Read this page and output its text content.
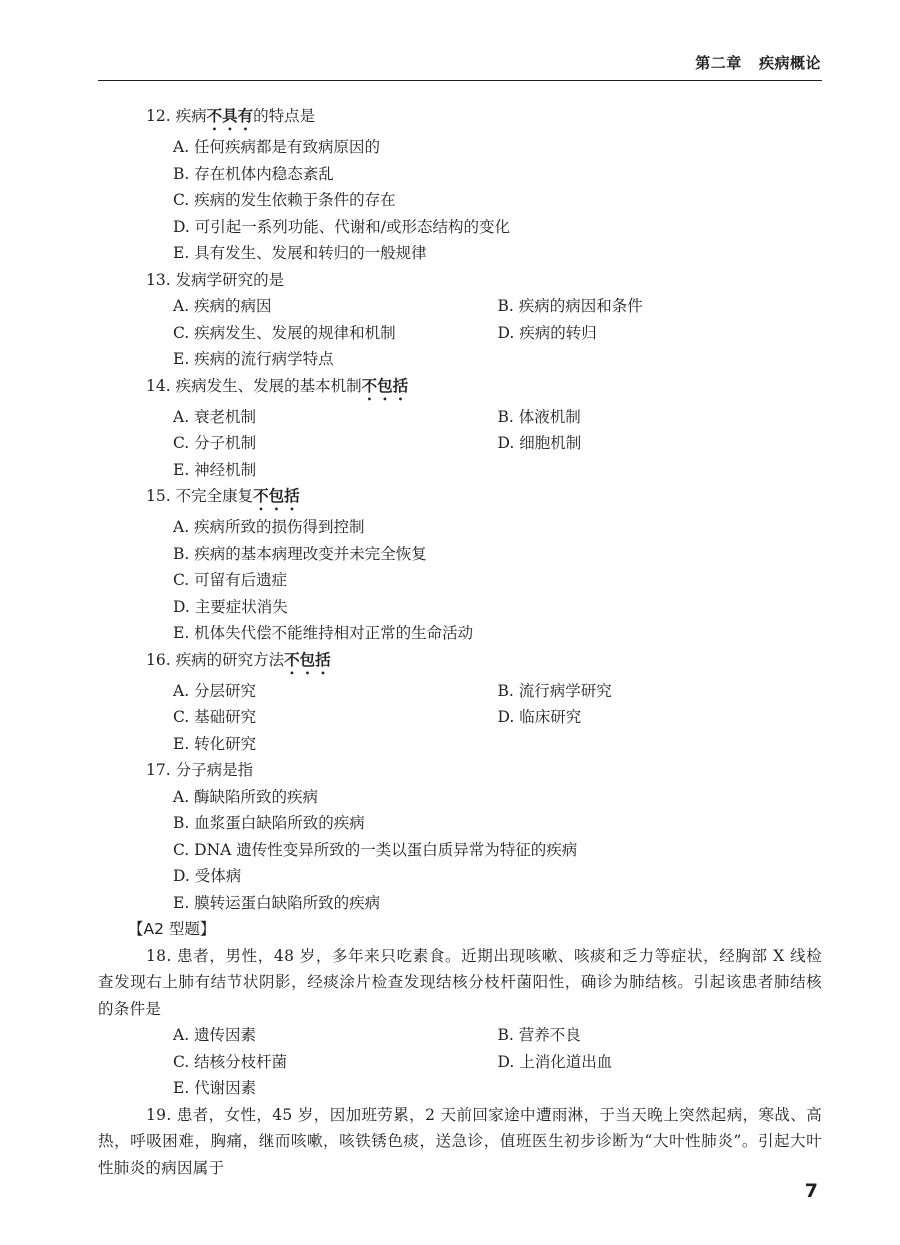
第二章 疾病概论
12. 疾病不具有的特点是
A. 任何疾病都是有致病原因的
B. 存在机体内稳态紊乱
C. 疾病的发生依赖于条件的存在
D. 可引起一系列功能、代谢和/或形态结构的变化
E. 具有发生、发展和转归的一般规律
13. 发病学研究的是
A. 疾病的病因	B. 疾病的病因和条件
C. 疾病发生、发展的规律和机制	D. 疾病的转归
E. 疾病的流行病学特点
14. 疾病发生、发展的基本机制不包括
A. 衰老机制	B. 体液机制
C. 分子机制	D. 细胞机制
E. 神经机制
15. 不完全康复不包括
A. 疾病所致的损伤得到控制
B. 疾病的基本病理改变并未完全恢复
C. 可留有后遗症
D. 主要症状消失
E. 机体失代偿不能维持相对正常的生命活动
16. 疾病的研究方法不包括
A. 分层研究	B. 流行病学研究
C. 基础研究	D. 临床研究
E. 转化研究
17. 分子病是指
A. 酶缺陷所致的疾病
B. 血浆蛋白缺陷所致的疾病
C. DNA 遗传性变异所致的一类以蛋白质异常为特征的疾病
D. 受体病
E. 膜转运蛋白缺陷所致的疾病
【A2 型题】
18. 患者，男性，48 岁，多年来只吃素食。近期出现咳嗽、咳痰和乏力等症状，经胸部 X 线检查发现右上肺有结节状阴影，经痰涂片检查发现结核分枝杆菌阳性，确诊为肺结核。引起该患者肺结核的条件是
A. 遗传因素	B. 营养不良
C. 结核分枝杆菌	D. 上消化道出血
E. 代谢因素
19. 患者，女性，45 岁，因加班劳累，2 天前回家途中遭雨淋，于当天晚上突然起病，寒战、高热，呼吸困难，胸痛，继而咳嗽，咳铁锈色痰，送急诊，值班医生初步诊断为“大叶性肺炎”。引起大叶性肺炎的病因属于
7
